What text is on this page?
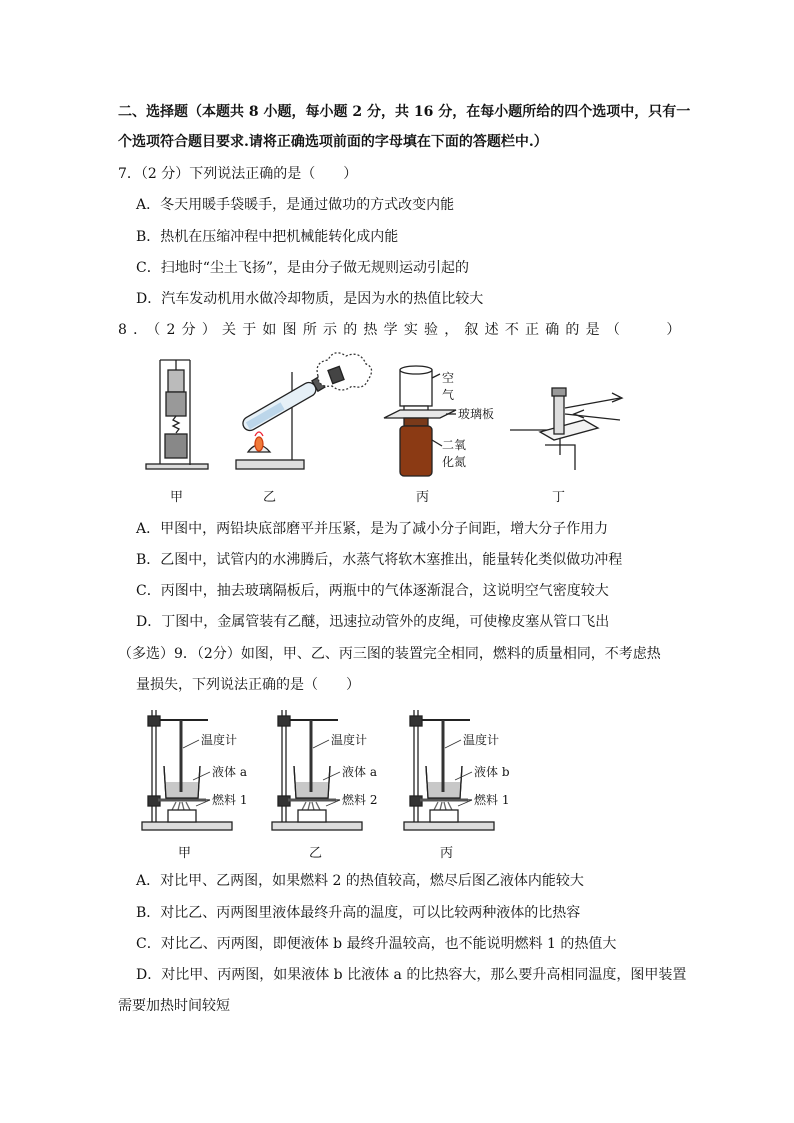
二、选择题（本题共 8 小题，每小题 2 分，共 16 分，在每小题所给的四个选项中，只有一
个选项符合题目要求.请将正确选项前面的字母填在下面的答题栏中.）
7．（2 分）下列说法正确的是（　　）
A．冬天用暖手袋暖手，是通过做功的方式改变内能
B．热机在压缩冲程中把机械能转化成内能
C．扫地时“尘土飞扬”，是由分子做无规则运动引起的
D．汽车发动机用水做冷却物质，是因为水的热值比较大
8．（2分）关于如图所示的热学实验，叙述不正确的是（　　）
空
气
玻璃板
二氧
化氮
甲	乙	丙	丁
A．甲图中，两铅块底部磨平并压紧，是为了减小分子间距，增大分子作用力
B．乙图中，试管内的水沸腾后，水蒸气将软木塞推出，能量转化类似做功冲程
C．丙图中，抽去玻璃隔板后，两瓶中的气体逐渐混合，这说明空气密度较大
D．丁图中，金属管装有乙醚，迅速拉动管外的皮绳，可使橡皮塞从管口飞出
（多选）9．（2分）如图，甲、乙、丙三图的装置完全相同，燃料的质量相同，不考虑热
量损失，下列说法正确的是（　　）
温度计
液体 a
燃料 1
温度计
液体 a
燃料 2
温度计
液体 b
燃料 1
甲	乙	丙
A．对比甲、乙两图，如果燃料 2 的热值较高，燃尽后图乙液体内能较大
B．对比乙、丙两图里液体最终升高的温度，可以比较两种液体的比热容
C．对比乙、丙两图，即便液体 b 最终升温较高，也不能说明燃料 1 的热值大
D．对比甲、丙两图，如果液体 b 比液体 a 的比热容大，那么要升高相同温度，图甲装置
需要加热时间较短
